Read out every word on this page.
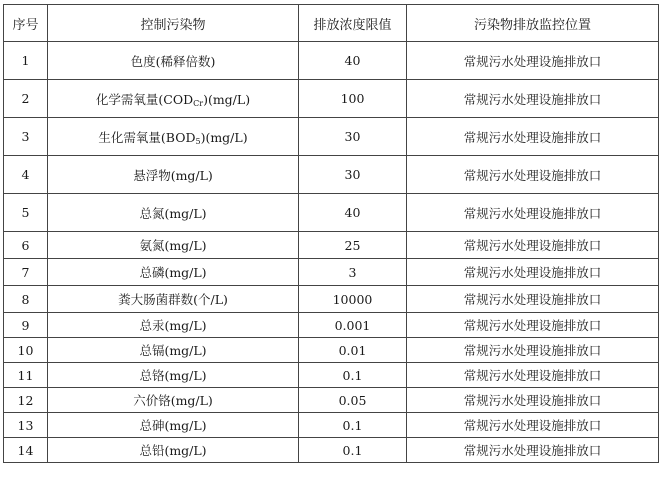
序号	控制污染物	排放浓度限值	污染物排放监控位置
1	色度(稀释倍数)	40	常规污水处理设施排放口
2	化学需氧量$(COD_{Cr})(mg/L)$	100	常规污水处理设施排放口
3	生化需氧量$(BOD_5)(mg/L)$	30	常规污水处理设施排放口
4	悬浮物(mg/L)	30	常规污水处理设施排放口
5	总氮(mg/L)	40	常规污水处理设施排放口
6	氨氮(mg/L)	25	常规污水处理设施排放口
7	总磷(mg/L)	3	常规污水处理设施排放口
8	粪大肠菌群数(个/L)	10000	常规污水处理设施排放口
9	总汞(mg/L)	0.001	常规污水处理设施排放口
10	总镉(mg/L)	0.01	常规污水处理设施排放口
11	总铬(mg/L)	0.1	常规污水处理设施排放口
12	六价铬(mg/L)	0.05	常规污水处理设施排放口
13	总砷(mg/L)	0.1	常规污水处理设施排放口
14	总铅(mg/L)	0.1	常规污水处理设施排放口
